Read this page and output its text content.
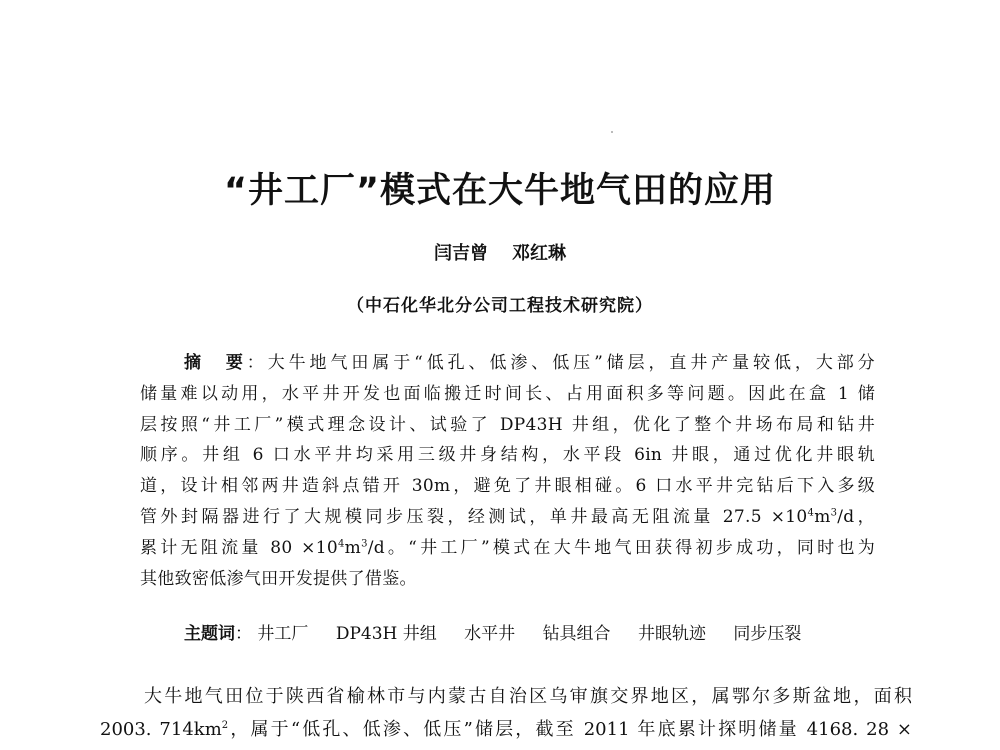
“井工厂”模式在大牛地气田的应用
闫吉曾 邓红琳
（中石化华北分公司工程技术研究院）
摘　要：大牛地气田属于“低孔、低渗、低压”储层，直井产量较低，大部分
储量难以动用，水平井开发也面临搬迁时间长、占用面积多等问题。因此在盒 1 储
层按照“井工厂”模式理念设计、试验了 DP43H 井组，优化了整个井场布局和钻井
顺序。井组 6 口水平井均采用三级井身结构，水平段 6in 井眼，通过优化井眼轨
道，设计相邻两井造斜点错开 30m，避免了井眼相碰。6 口水平井完钻后下入多级
管外封隔器进行了大规模同步压裂，经测试，单井最高无阻流量 $27.5 \times 10^4m^3/d$，
累计无阻流量 $80 \times 10^4m^3/d$。“井工厂”模式在大牛地气田获得初步成功，同时也为
其他致密低渗气田开发提供了借鉴。
主题词： 井工厂 DP43H 井组 水平井 钻具组合 井眼轨迹 同步压裂
大牛地气田位于陕西省榆林市与内蒙古自治区乌审旗交界地区，属鄂尔多斯盆地，面积
2003. $714km^2$，属于“低孔、低渗、低压”储层，截至 2011 年底累计探明储量 4168. 28 ×
